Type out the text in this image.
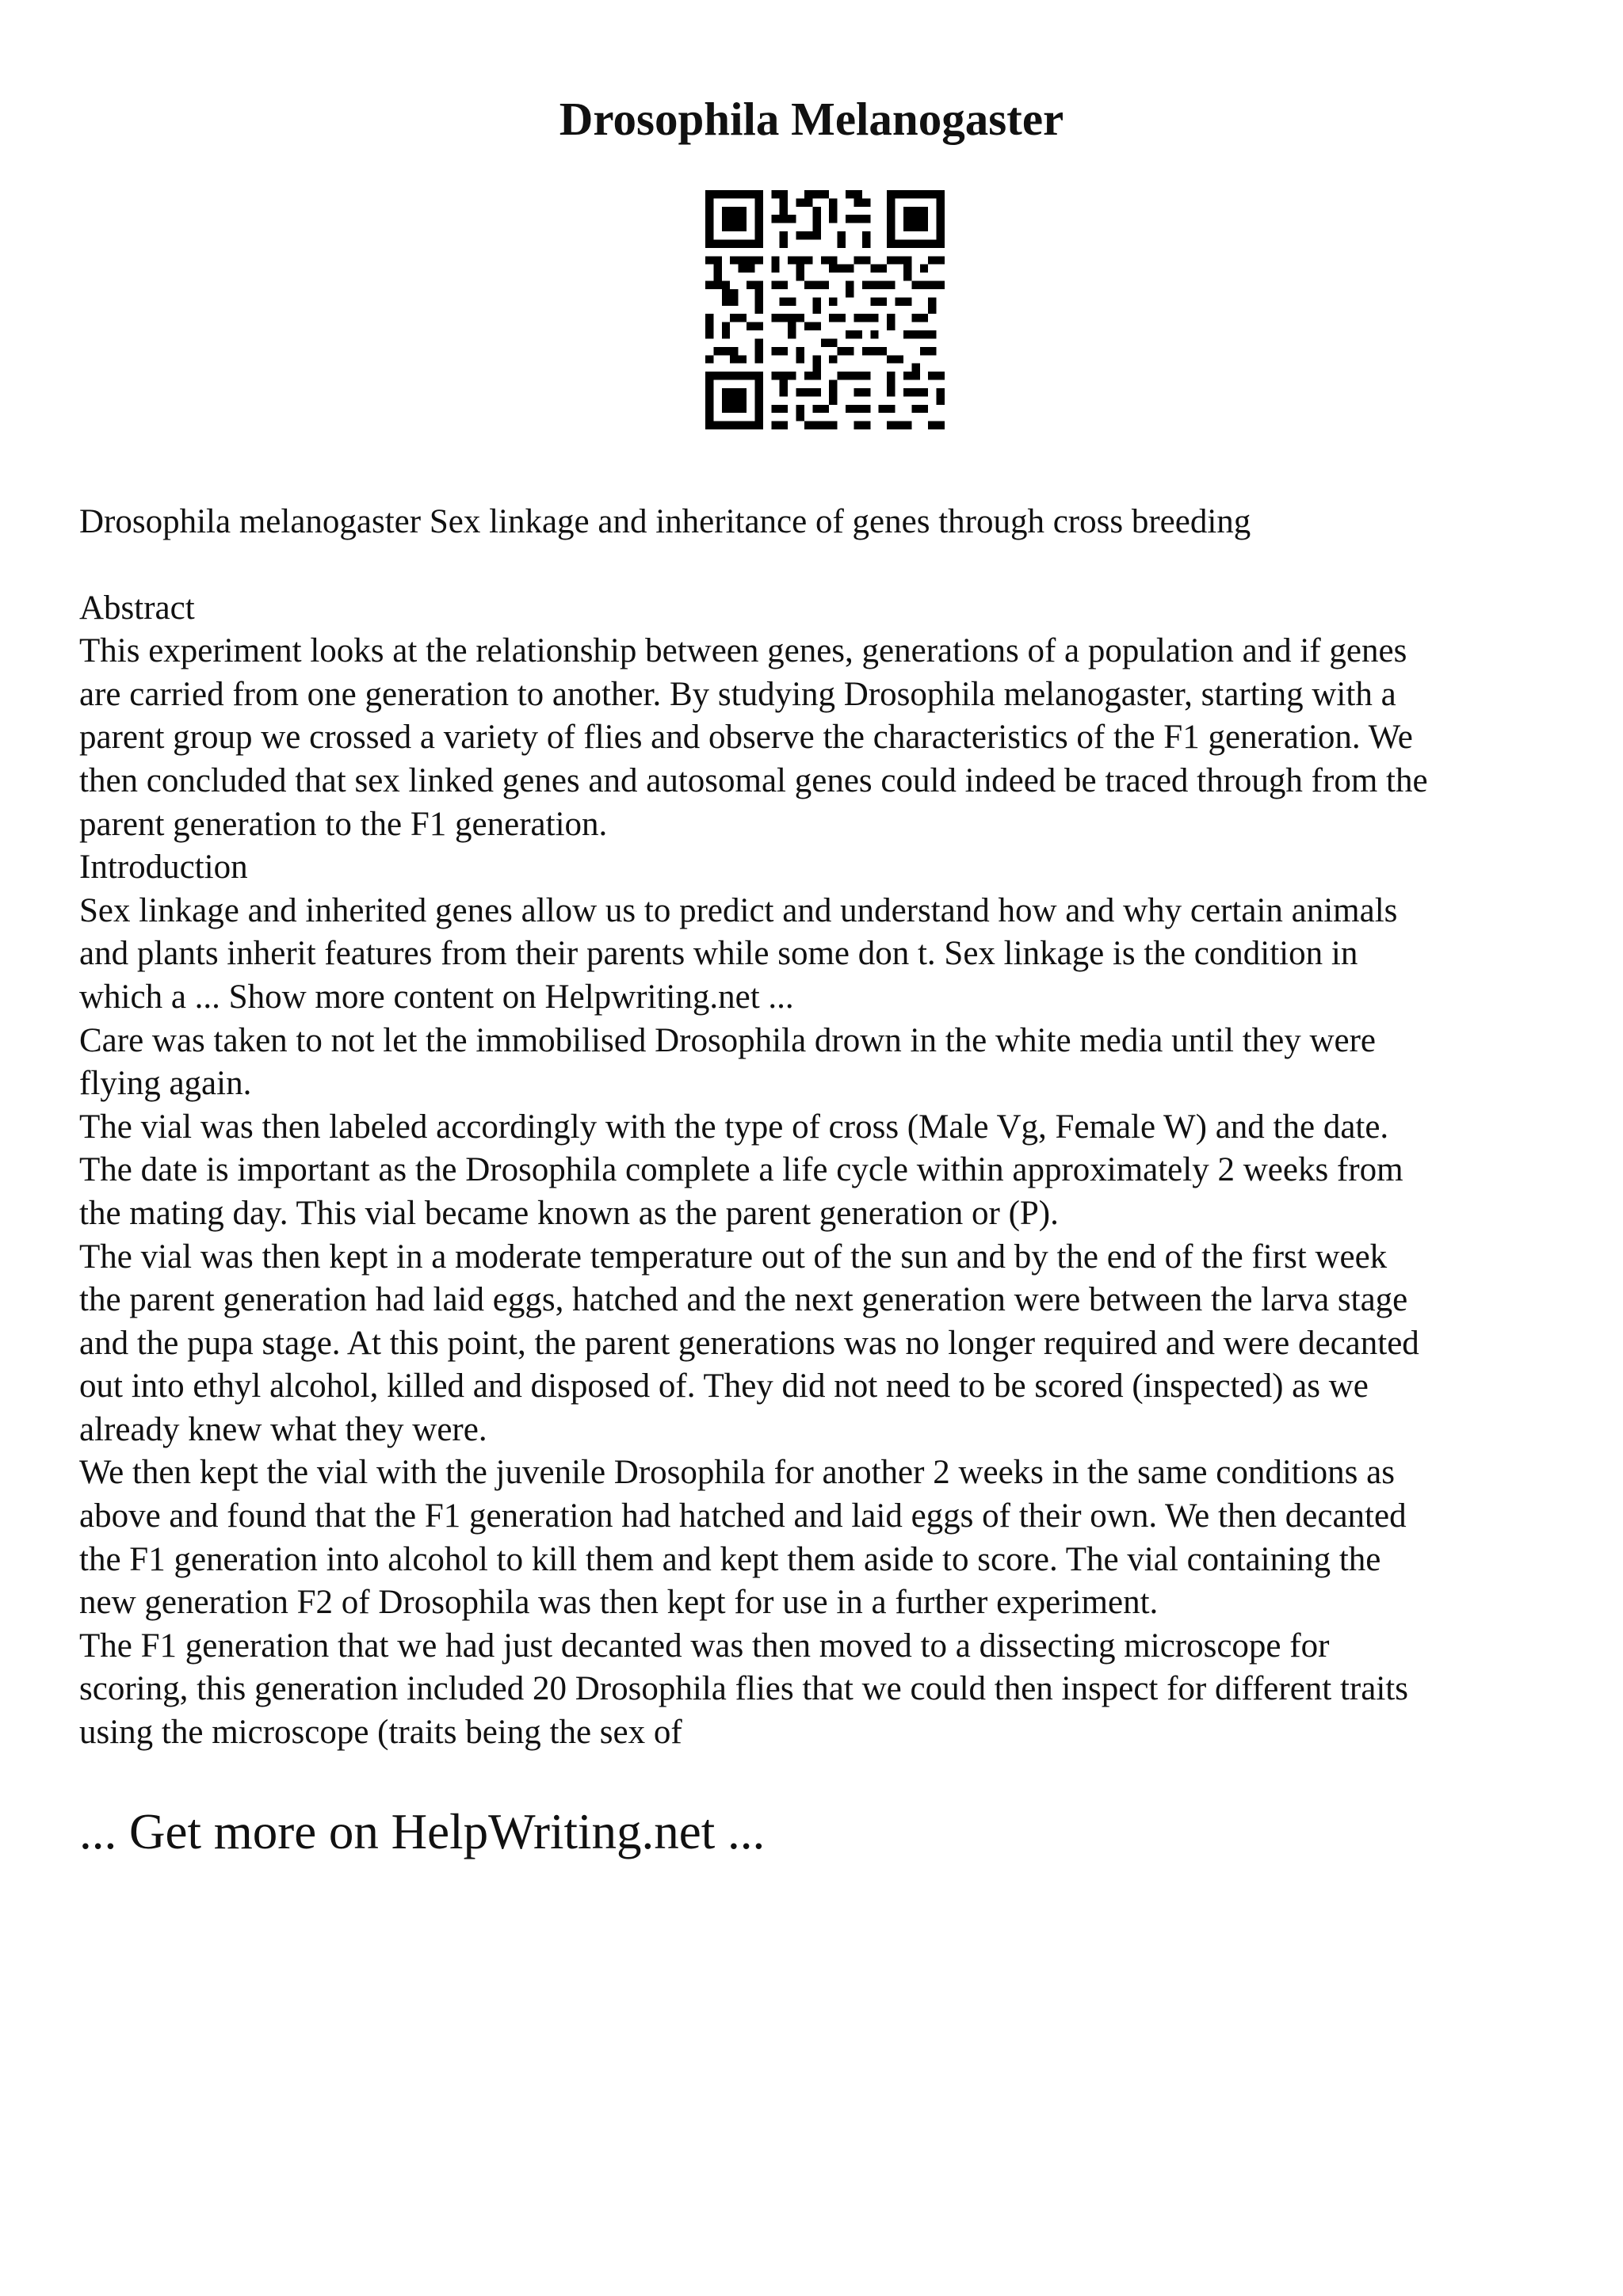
Drosophila Melanogaster

Drosophila melanogaster Sex linkage and inheritance of genes through cross breeding

Abstract

This experiment looks at the relationship between genes, generations of a population and if genes

are carried from one generation to another. By studying Drosophila melanogaster, starting with a

parent group we crossed a variety of flies and observe the characteristics of the F1 generation. We

then concluded that sex linked genes and autosomal genes could indeed be traced through from the

parent generation to the F1 generation.

Introduction

Sex linkage and inherited genes allow us to predict and understand how and why certain animals

and plants inherit features from their parents while some don t. Sex linkage is the condition in

which a ... Show more content on Helpwriting.net ...

Care was taken to not let the immobilised Drosophila drown in the white media until they were

flying again.

The vial was then labeled accordingly with the type of cross (Male Vg, Female W) and the date.

The date is important as the Drosophila complete a life cycle within approximately 2 weeks from

the mating day. This vial became known as the parent generation or (P).

The vial was then kept in a moderate temperature out of the sun and by the end of the first week

the parent generation had laid eggs, hatched and the next generation were between the larva stage

and the pupa stage. At this point, the parent generations was no longer required and were decanted

out into ethyl alcohol, killed and disposed of. They did not need to be scored (inspected) as we

already knew what they were.

We then kept the vial with the juvenile Drosophila for another 2 weeks in the same conditions as

above and found that the F1 generation had hatched and laid eggs of their own. We then decanted

the F1 generation into alcohol to kill them and kept them aside to score. The vial containing the

new generation F2 of Drosophila was then kept for use in a further experiment.

The F1 generation that we had just decanted was then moved to a dissecting microscope for

scoring, this generation included 20 Drosophila flies that we could then inspect for different traits

using the microscope (traits being the sex of

... Get more on HelpWriting.net ...
